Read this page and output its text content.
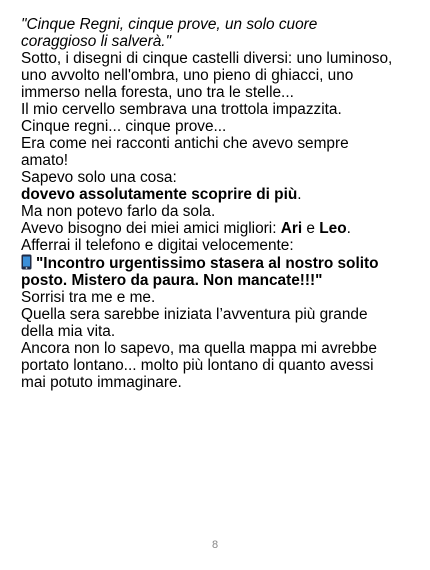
"Cinque Regni, cinque prove, un solo cuore

coraggioso li salverà."

Sotto, i disegni di cinque castelli diversi: uno luminoso,

uno avvolto nell'ombra, uno pieno di ghiacci, uno

immerso nella foresta, uno tra le stelle...

Il mio cervello sembrava una trottola impazzita.

Cinque regni... cinque prove...

Era come nei racconti antichi che avevo sempre

amato!

Sapevo solo una cosa:

dovevo assolutamente scoprire di più.

Ma non potevo farlo da sola.

Avevo bisogno dei miei amici migliori: Ari e Leo.

Afferrai il telefono e digitai velocemente:

"Incontro urgentissimo stasera al nostro solito

posto. Mistero da paura. Non mancate!!!"

Sorrisi tra me e me.

Quella sera sarebbe iniziata l’avventura più grande

della mia vita.

Ancora non lo sapevo, ma quella mappa mi avrebbe

portato lontano... molto più lontano di quanto avessi

mai potuto immaginare.

8
